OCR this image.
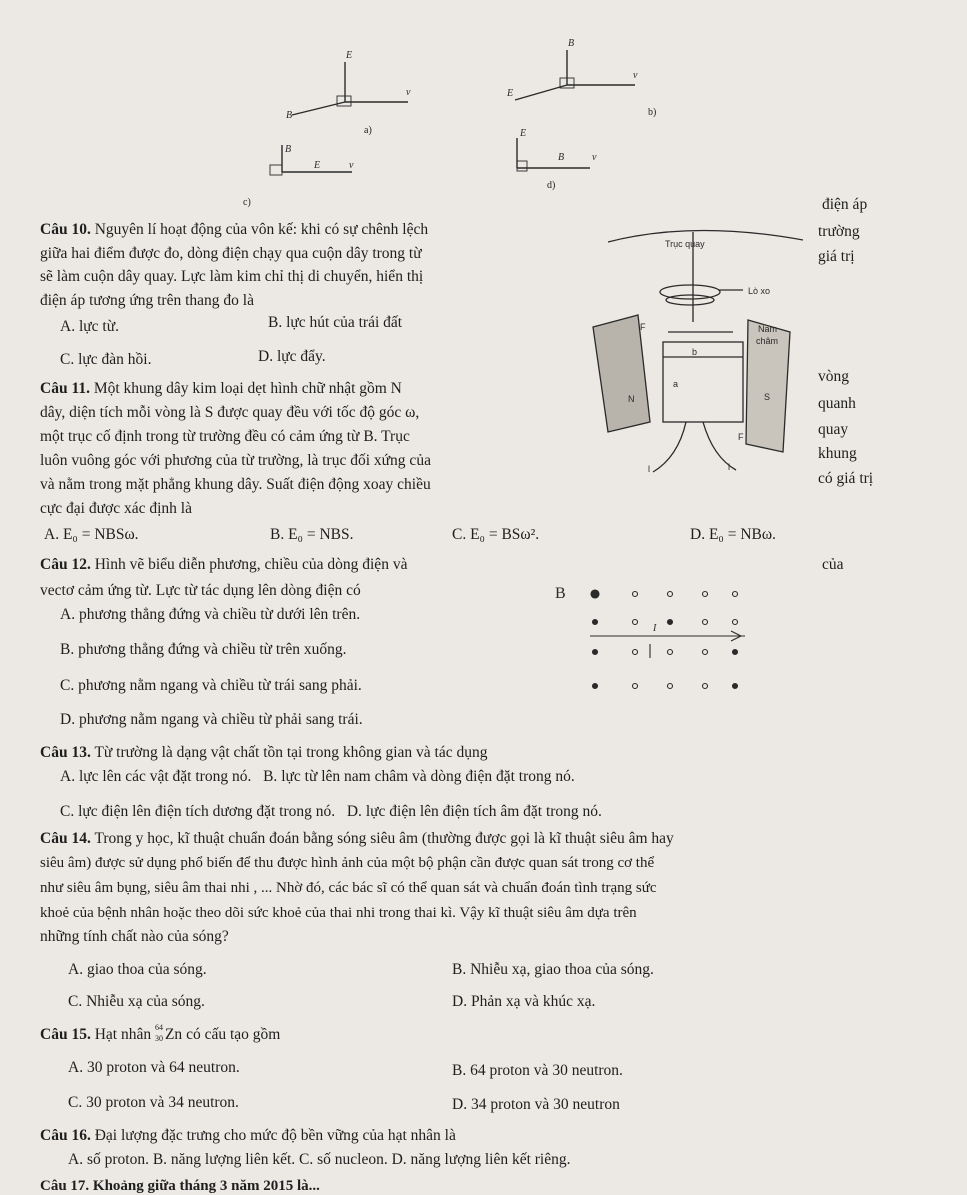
E
v
B
B
v
E
B
E	v
E
B	v
a)
b)
c)
d)
Câu 10. Nguyên lí hoạt động của vôn kế: khi có sự chênh lệch
giữa hai điểm được đo, dòng điện chạy qua cuộn dây trong từ
sẽ làm cuộn dây quay. Lực làm kim chỉ thị di chuyển, hiển thị
điện áp tương ứng trên thang đo là
điện áp
trường
giá trị
A. lực từ.	B. lực hút của trái đất
C. lực đàn hồi.	D. lực đẩy.
Trục quay
Lò xo
Nam
châm
N	S
F
F
b
a
l	l
Câu 11. Một khung dây kim loại dẹt hình chữ nhật gồm N
dây, diện tích mỗi vòng là S được quay đều với tốc độ góc ω,
một trục cố định trong từ trường đều có cảm ứng từ B. Trục
luôn vuông góc với phương của từ trường, là trục đối xứng của
và nằm trong mặt phẳng khung dây. Suất điện động xoay chiều
cực đại được xác định là
vòng
quanh
quay
khung
có giá trị
A. E₀ = NBSω.	B. E₀ = NBS.	C. E₀ = BSω².	D. E₀ = NBω.
Câu 12. Hình vẽ biểu diễn phương, chiều của dòng điện và
vectơ cảm ứng từ. Lực từ tác dụng lên dòng điện có
của
A. phương thẳng đứng và chiều từ dưới lên trên.
B. phương thẳng đứng và chiều từ trên xuống.
C. phương nằm ngang và chiều từ trái sang phải.
D. phương nằm ngang và chiều từ phải sang trái.
B
I
Câu 13. Từ trường là dạng vật chất tồn tại trong không gian và tác dụng
A. lực lên các vật đặt trong nó. B. lực từ lên nam châm và dòng điện đặt trong nó.
C. lực điện lên điện tích dương đặt trong nó. D. lực điện lên điện tích âm đặt trong nó.
Câu 14. Trong y học, kĩ thuật chuẩn đoán bằng sóng siêu âm (thường được gọi là kĩ thuật siêu âm hay
siêu âm) được sử dụng phổ biến để thu được hình ảnh của một bộ phận cần được quan sát trong cơ thể
như siêu âm bụng, siêu âm thai nhi , ... Nhờ đó, các bác sĩ có thể quan sát và chuẩn đoán tình trạng sức
khoẻ của bệnh nhân hoặc theo dõi sức khoẻ của thai nhi trong thai kì. Vậy kĩ thuật siêu âm dựa trên
những tính chất nào của sóng?
A. giao thoa của sóng.	B. Nhiễu xạ, giao thoa của sóng.
C. Nhiễu xạ của sóng.	D. Phản xạ và khúc xạ.
Câu 15. Hạt nhân 64
30 Zn có cấu tạo gồm
A. 30 proton và 64 neutron.	B. 64 proton và 30 neutron.
C. 30 proton và 34 neutron.	D. 34 proton và 30 neutron
Câu 16. Đại lượng đặc trưng cho mức độ bền vững của hạt nhân là
A. số proton. B. năng lượng liên kết. C. số nucleon. D. năng lượng liên kết riêng.
Câu 17. Khoảng giữa tháng 3 năm 2015 là...
